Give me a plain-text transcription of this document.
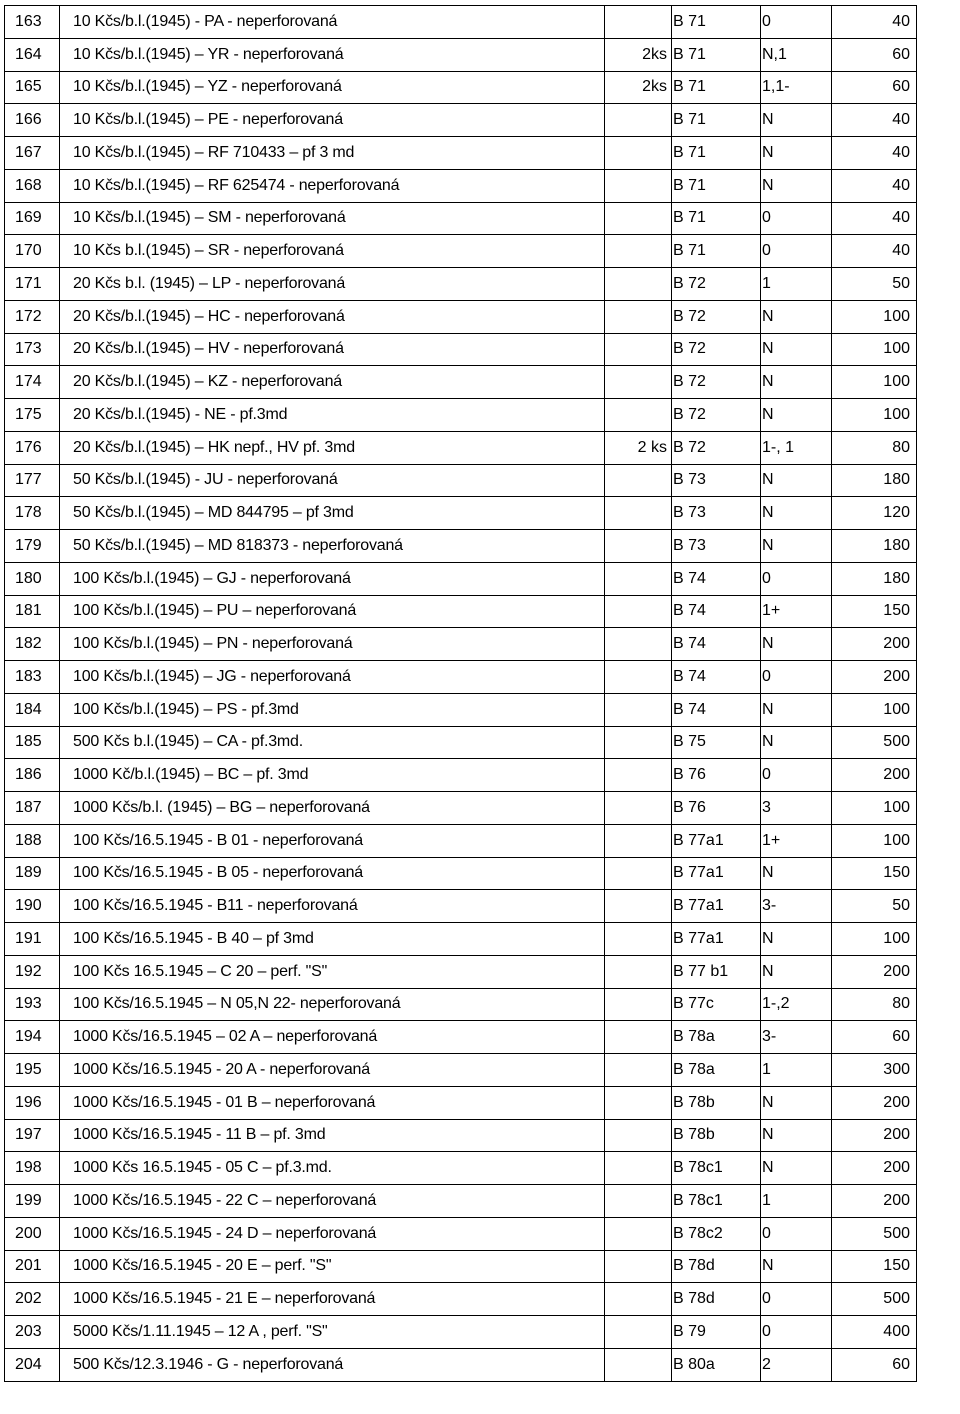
163	10 Kčs/b.l.(1945) - PA - neperforovaná		B 71	0	40
164	10 Kčs/b.l.(1945) – YR - neperforovaná	2ks	B 71	N,1	60
165	10 Kčs/b.l.(1945) – YZ - neperforovaná	2ks	B 71	1,1-	60
166	10 Kčs/b.l.(1945) – PE - neperforovaná		B 71	N	40
167	10 Kčs/b.l.(1945) – RF 710433 – pf 3 md		B 71	N	40
168	10 Kčs/b.l.(1945) – RF 625474 - neperforovaná		B 71	N	40
169	10 Kčs/b.l.(1945) – SM - neperforovaná		B 71	0	40
170	10 Kčs b.l.(1945) – SR - neperforovaná		B 71	0	40
171	20 Kčs b.l. (1945) – LP - neperforovaná		B 72	1	50
172	20 Kčs/b.l.(1945) – HC - neperforovaná		B 72	N	100
173	20 Kčs/b.l.(1945) – HV - neperforovaná		B 72	N	100
174	20 Kčs/b.l.(1945) – KZ - neperforovaná		B 72	N	100
175	20 Kčs/b.l.(1945) - NE - pf.3md		B 72	N	100
176	20 Kčs/b.l.(1945) – HK nepf., HV pf. 3md	2 ks	B 72	1-, 1	80
177	50 Kčs/b.l.(1945) - JU - neperforovaná		B 73	N	180
178	50 Kčs/b.l.(1945) – MD 844795 – pf 3md		B 73	N	120
179	50 Kčs/b.l.(1945) – MD 818373 - neperforovaná		B 73	N	180
180	100 Kčs/b.l.(1945) – GJ - neperforovaná		B 74	0	180
181	100 Kčs/b.l.(1945) – PU – neperforovaná		B 74	1+	150
182	100 Kčs/b.l.(1945) – PN - neperforovaná		B 74	N	200
183	100 Kčs/b.l.(1945) – JG - neperforovaná		B 74	0	200
184	100 Kčs/b.l.(1945) – PS - pf.3md		B 74	N	100
185	500 Kčs b.l.(1945) – CA - pf.3md.		B 75	N	500
186	1000 Kč/b.l.(1945) – BC – pf. 3md		B 76	0	200
187	1000 Kčs/b.l. (1945) – BG – neperforovaná		B 76	3	100
188	100 Kčs/16.5.1945 - B 01 - neperforovaná		B 77a1	1+	100
189	100 Kčs/16.5.1945 - B 05 - neperforovaná		B 77a1	N	150
190	100 Kčs/16.5.1945 - B11 - neperforovaná		B 77a1	3-	50
191	100 Kčs/16.5.1945 - B 40 – pf 3md		B 77a1	N	100
192	100 Kčs 16.5.1945 – C 20 – perf. "S"		B 77 b1	N	200
193	100 Kčs/16.5.1945 – N 05,N 22- neperforovaná		B 77c	1-,2	80
194	1000 Kčs/16.5.1945 – 02 A – neperforovaná		B 78a	3-	60
195	1000 Kčs/16.5.1945 - 20 A - neperforovaná		B 78a	1	300
196	1000 Kčs/16.5.1945 - 01 B – neperforovaná		B 78b	N	200
197	1000 Kčs/16.5.1945 - 11 B – pf. 3md		B 78b	N	200
198	1000 Kčs 16.5.1945 - 05 C – pf.3.md.		B 78c1	N	200
199	1000 Kčs/16.5.1945 - 22 C – neperforovaná		B 78c1	1	200
200	1000 Kčs/16.5.1945 - 24 D – neperforovaná		B 78c2	0	500
201	1000 Kčs/16.5.1945 - 20 E – perf. "S"		B 78d	N	150
202	1000 Kčs/16.5.1945 - 21 E – neperforovaná		B 78d	0	500
203	5000 Kčs/1.11.1945 – 12 A , perf. "S"		B 79	0	400
204	500 Kčs/12.3.1946 - G - neperforovaná		B 80a	2	60
